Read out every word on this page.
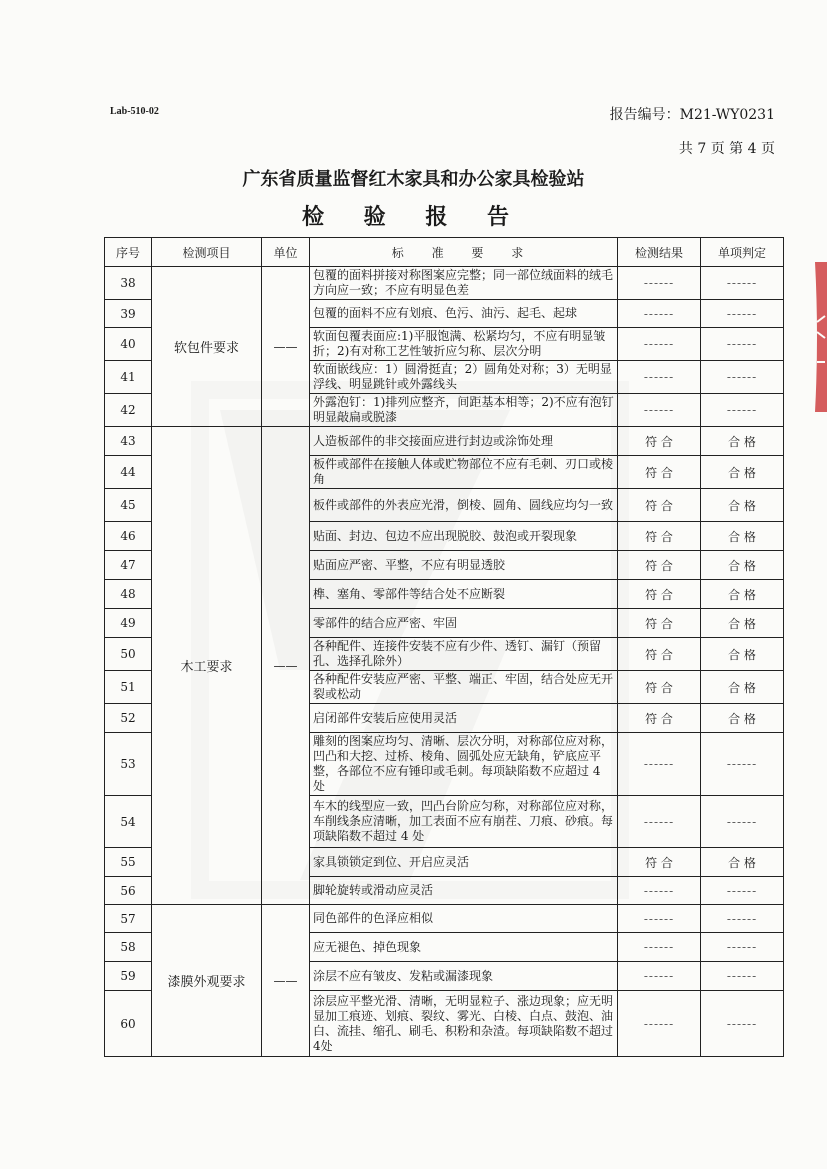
Lab-510-02	报告编号：M21-WY0231
共 7 页 第 4 页
广东省质量监督红木家具和办公家具检验站
检 验 报 告
序号	检测项目	单位	标 准 要 求	检测结果	单项判定
38	软包件要求	——	包覆的面料拼接对称图案应完整；同一部位绒面料的绒毛方向应一致；不应有明显色差	------	------
39			包覆的面料不应有划痕、色污、油污、起毛、起球	------	------
40			软面包覆表面应:1)平服饱满、松紧均匀，不应有明显皱折；2)有对称工艺性皱折应匀称、层次分明	------	------
41			软面嵌线应：1）圆滑挺直；2）圆角处对称；3）无明显浮线、明显跳针或外露线头	------	------
42			外露泡钉：1)排列应整齐，间距基本相等；2)不应有泡钉明显敲扁或脱漆	------	------
43	木工要求	——	人造板部件的非交接面应进行封边或涂饰处理	符 合	合 格
44			板件或部件在接触人体或贮物部位不应有毛刺、刃口或棱角	符 合	合 格
45			板件或部件的外表应光滑，倒棱、圆角、圆线应均匀一致	符 合	合 格
46			贴面、封边、包边不应出现脱胶、鼓泡或开裂现象	符 合	合 格
47			贴面应严密、平整，不应有明显透胶	符 合	合 格
48			榫、塞角、零部件等结合处不应断裂	符 合	合 格
49			零部件的结合应严密、牢固	符 合	合 格
50			各种配件、连接件安装不应有少件、透钉、漏钉（预留孔、选择孔除外）	符 合	合 格
51			各种配件安装应严密、平整、端正、牢固，结合处应无开裂或松动	符 合	合 格
52			启闭部件安装后应使用灵活	符 合	合 格
53			雕刻的图案应均匀、清晰、层次分明，对称部位应对称，凹凸和大挖、过桥、棱角、圆弧处应无缺角，铲底应平整，各部位不应有锤印或毛刺。每项缺陷数不应超过 4 处	------	------
54			车木的线型应一致，凹凸台阶应匀称，对称部位应对称，车削线条应清晰，加工表面不应有崩茬、刀痕、砂痕。每项缺陷数不超过 4 处	------	------
55			家具锁锁定到位、开启应灵活	符 合	合 格
56			脚轮旋转或滑动应灵活	------	------
57	漆膜外观要求	——	同色部件的色泽应相似	------	------
58			应无褪色、掉色现象	------	------
59			涂层不应有皱皮、发粘或漏漆现象	------	------
60			涂层应平整光滑、清晰，无明显粒子、涨边现象；应无明显加工痕迹、划痕、裂纹、雾光、白棱、白点、鼓泡、油白、流挂、缩孔、刷毛、积粉和杂渣。每项缺陷数不超过4处	------	------
